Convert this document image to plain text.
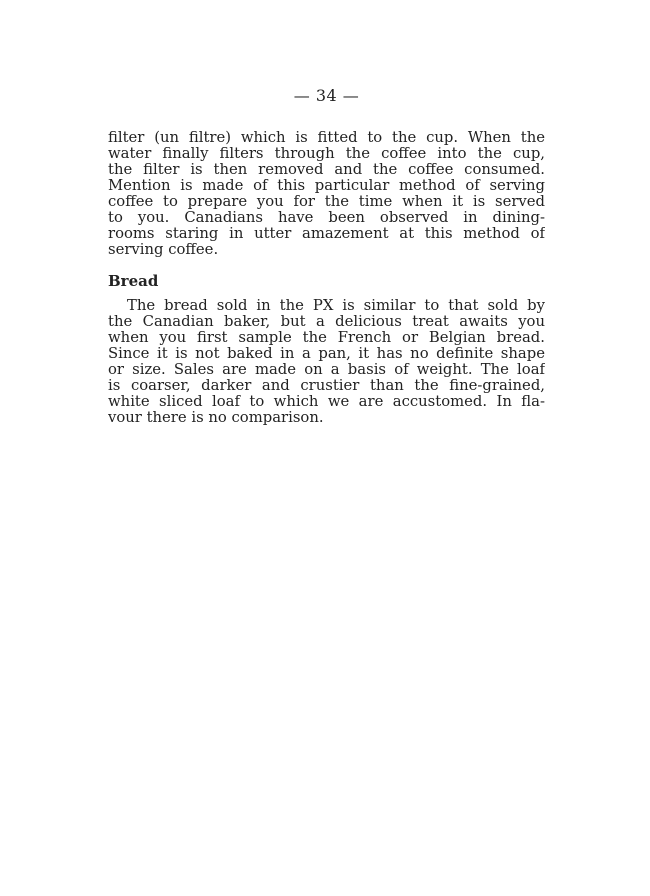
— 34 —
filter (un filtre) which is fitted to the cup. When the
water finally filters through the coffee into the cup,
the filter is then removed and the coffee consumed.
Mention is made of this particular method of serving
coffee to prepare you for the time when it is served
to you. Canadians have been observed in dining-
rooms staring in utter amazement at this method of
serving coffee.
Bread
The bread sold in the PX is similar to that sold by
the Canadian baker, but a delicious treat awaits you
when you first sample the French or Belgian bread.
Since it is not baked in a pan, it has no definite shape
or size. Sales are made on a basis of weight. The loaf
is coarser, darker and crustier than the fine-grained,
white sliced loaf to which we are accustomed. In fla-
vour there is no comparison.
